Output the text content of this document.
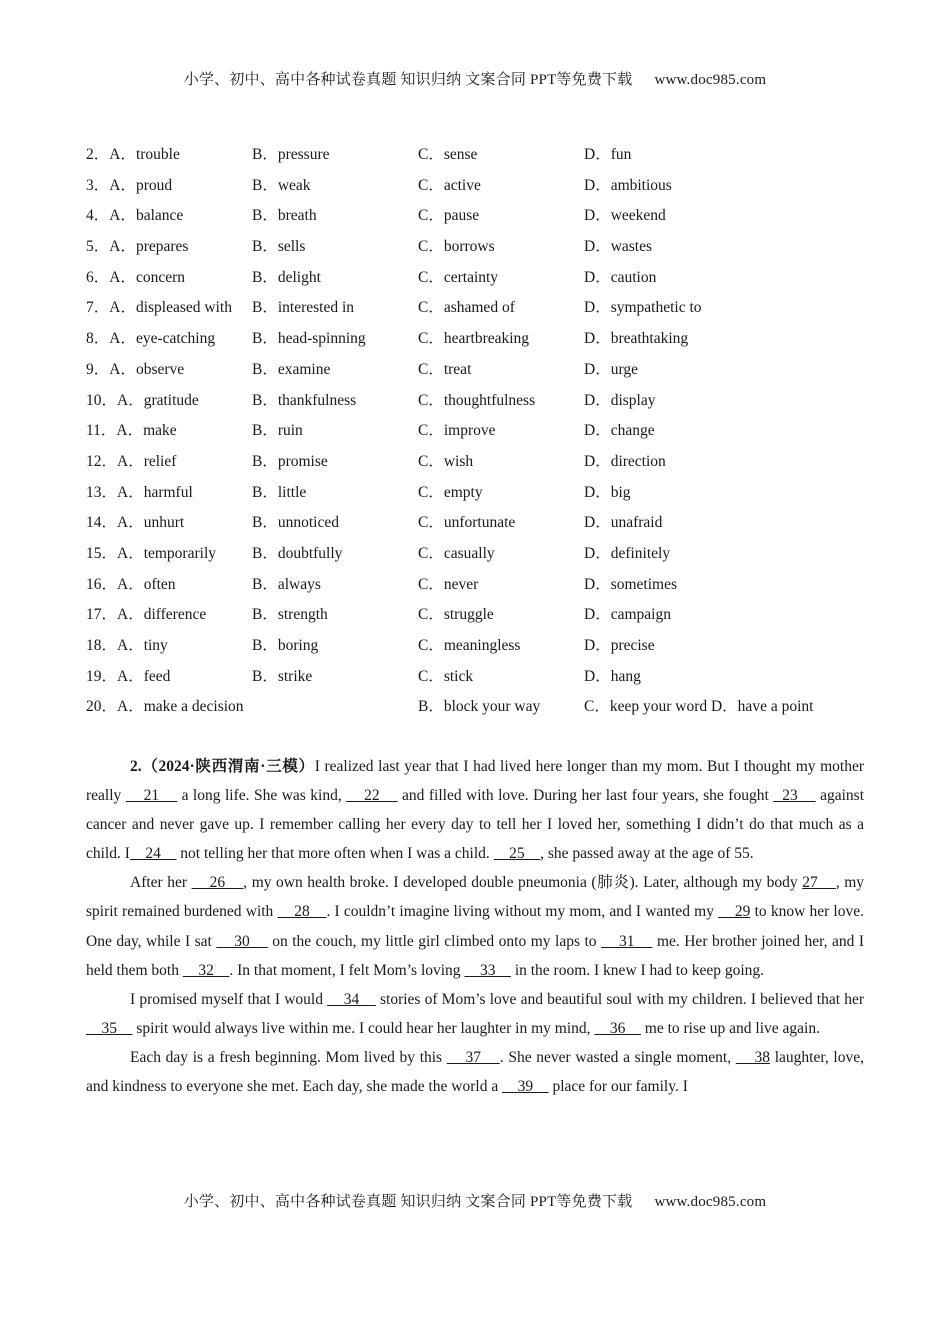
小学、初中、高中各种试卷真题 知识归纳 文案合同 PPT等免费下载 www.doc985.com
2．A．trouble	B．pressure	C．sense	D．fun
3．A．proud	B．weak	C．active	D．ambitious
4．A．balance	B．breath	C．pause	D．weekend
5．A．prepares	B．sells	C．borrows	D．wastes
6．A．concern	B．delight	C．certainty	D．caution
7．A．displeased with B．interested in	C．ashamed of	D．sympathetic to
8．A．eye-catching B．head-spinning	C．heartbreaking	D．breathtaking
9．A．observe	B．examine	C．treat	D．urge
10．A．gratitude	B．thankfulness	C．thoughtfulness	D．display
11．A．make	B．ruin	C．improve	D．change
12．A．relief	B．promise	C．wish	D．direction
13．A．harmful	B．little	C．empty	D．big
14．A．unhurt	B．unnoticed	C．unfortunate	D．unafraid
15．A．temporarily B．doubtfully	C．casually	D．definitely
16．A．often	B．always	C．never	D．sometimes
17．A．difference	B．strength	C．struggle	D．campaign
18．A．tiny	B．boring	C．meaningless	D．precise
19．A．feed	B．strike	C．stick	D．hang
20．A．make a decision	B．block your way	C．keep your word D．have a point

2.（2024·陕西渭南·三模）I realized last year that I had lived here longer than my mom. But I thought my mother really     21     a long life. She was kind,     22     and filled with love. During her last four years, she fought   23     against cancer and never gave up. I remember calling her every day to tell her I loved her, something I didn’t do that much as a child. I    24     not telling her that more often when I was a child.     25    , she passed away at the age of 55.

After her     26    , my own health broke. I developed double pneumonia (肺炎). Later, although my body 27    , my spirit remained burdened with     28    . I couldn’t imagine living without my mom, and I wanted my     29 to know her love. One day, while I sat     30     on the couch, my little girl climbed onto my laps to     31     me. Her brother joined her, and I held them both     32    . In that moment, I felt Mom’s loving     33     in the room. I knew I had to keep going.

I promised myself that I would     34     stories of Mom’s love and beautiful soul with my children. I believed that her     35     spirit would always live within me. I could hear her laughter in my mind,     36     me to rise up and live again.

Each day is a fresh beginning. Mom lived by this     37    . She never wasted a single moment,     38 laughter, love, and kindness to everyone she met. Each day, she made the world a     39     place for our family. I

小学、初中、高中各种试卷真题 知识归纳 文案合同 PPT等免费下载 www.doc985.com
